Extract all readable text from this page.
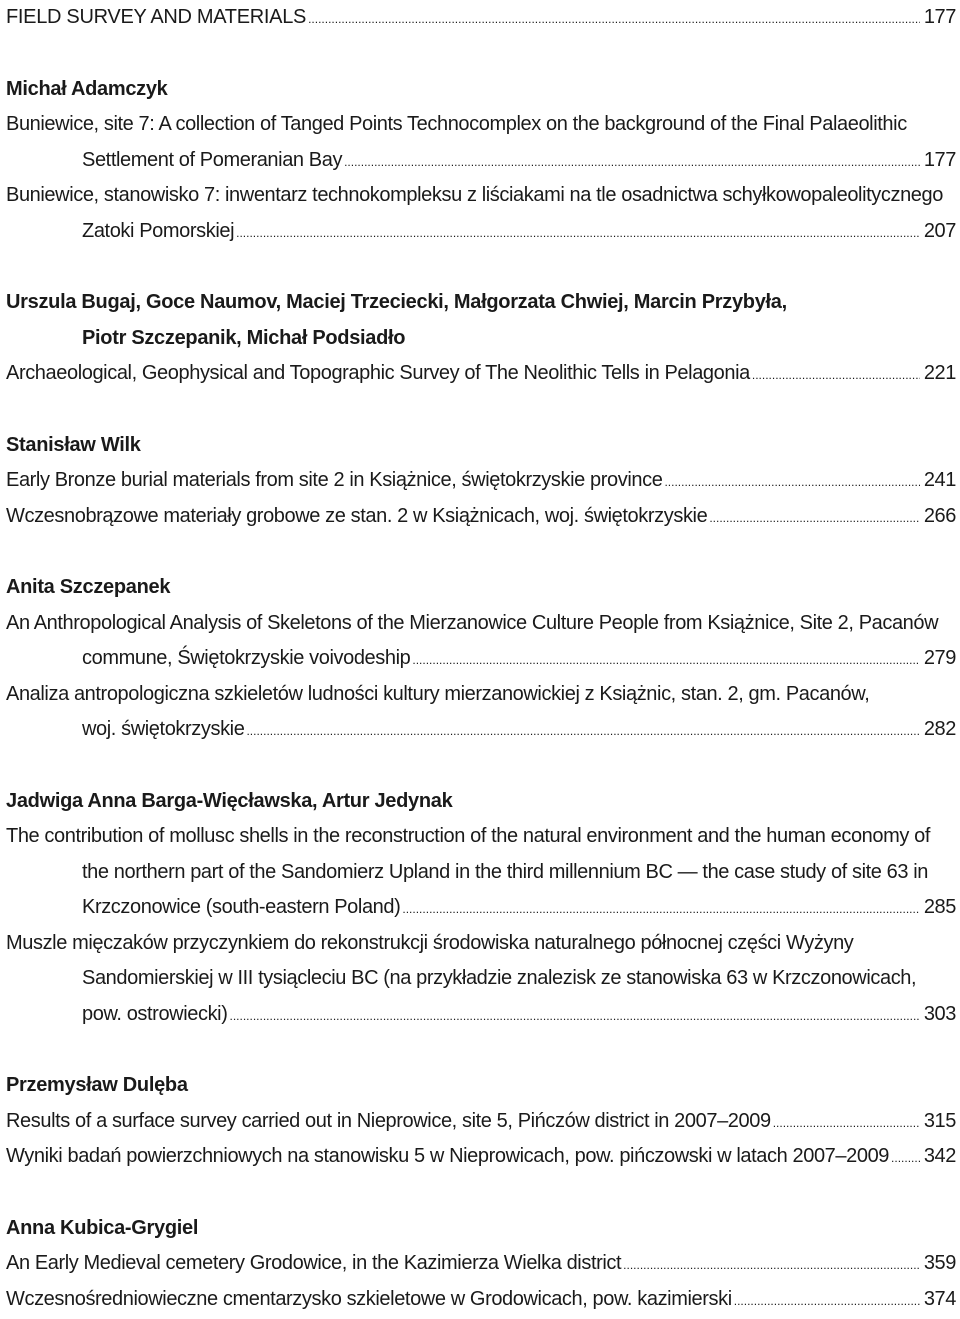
FIELD SURVEY AND MATERIALS .....	177
Michał Adamczyk
Buniewice, site 7: A collection of Tanged Points Technocomplex on the background of the Final Palaeolithic
Settlement of Pomeranian Bay .....	177
Buniewice, stanowisko 7: inwentarz technokompleksu z liściakami na tle osadnictwa schyłkowopaleolitycznego
Zatoki Pomorskiej .....	207
Urszula Bugaj, Goce Naumov, Maciej Trzeciecki, Małgorzata Chwiej, Marcin Przybyła,
Piotr Szczepanik, Michał Podsiadło
Archaeological, Geophysical and Topographic Survey of The Neolithic Tells in Pelagonia .....	221
Stanisław Wilk
Early Bronze burial materials from site 2 in Książnice, świętokrzyskie province .....	241
Wczesnobrązowe materiały grobowe ze stan. 2 w Książnicach, woj. świętokrzyskie .....	266
Anita Szczepanek
An Anthropological Analysis of Skeletons of the Mierzanowice Culture People from Książnice, Site 2, Pacanów
commune, Świętokrzyskie voivodeship .....	279
Analiza antropologiczna szkieletów ludności kultury mierzanowickiej z Książnic, stan. 2, gm. Pacanów,
woj. świętokrzyskie .....	282
Jadwiga Anna Barga-Więcławska, Artur Jedynak
The contribution of mollusc shells in the reconstruction of the natural environment and the human economy of
the northern part of the Sandomierz Upland in the third millennium BC — the case study of site 63 in
Krzczonowice (south-eastern Poland) .....	285
Muszle mięczaków przyczynkiem do rekonstrukcji środowiska naturalnego północnej części Wyżyny
Sandomierskiej w III tysiącleciu BC (na przykładzie znalezisk ze stanowiska 63 w Krzczonowicach,
pow. ostrowiecki) .....	303
Przemysław Dulęba
Results of a surface survey carried out in Nieprowice, site 5, Pińczów district in 2007–2009 .....	315
Wyniki badań powierzchniowych na stanowisku 5 w Nieprowicach, pow. pińczowski w latach 2007–2009 ..... 342
Anna Kubica-Grygiel
An Early Medieval cemetery Grodowice, in the Kazimierza Wielka district .....	359
Wczesnośredniowieczne cmentarzysko szkieletowe w Grodowicach, pow. kazimierski .....	374
